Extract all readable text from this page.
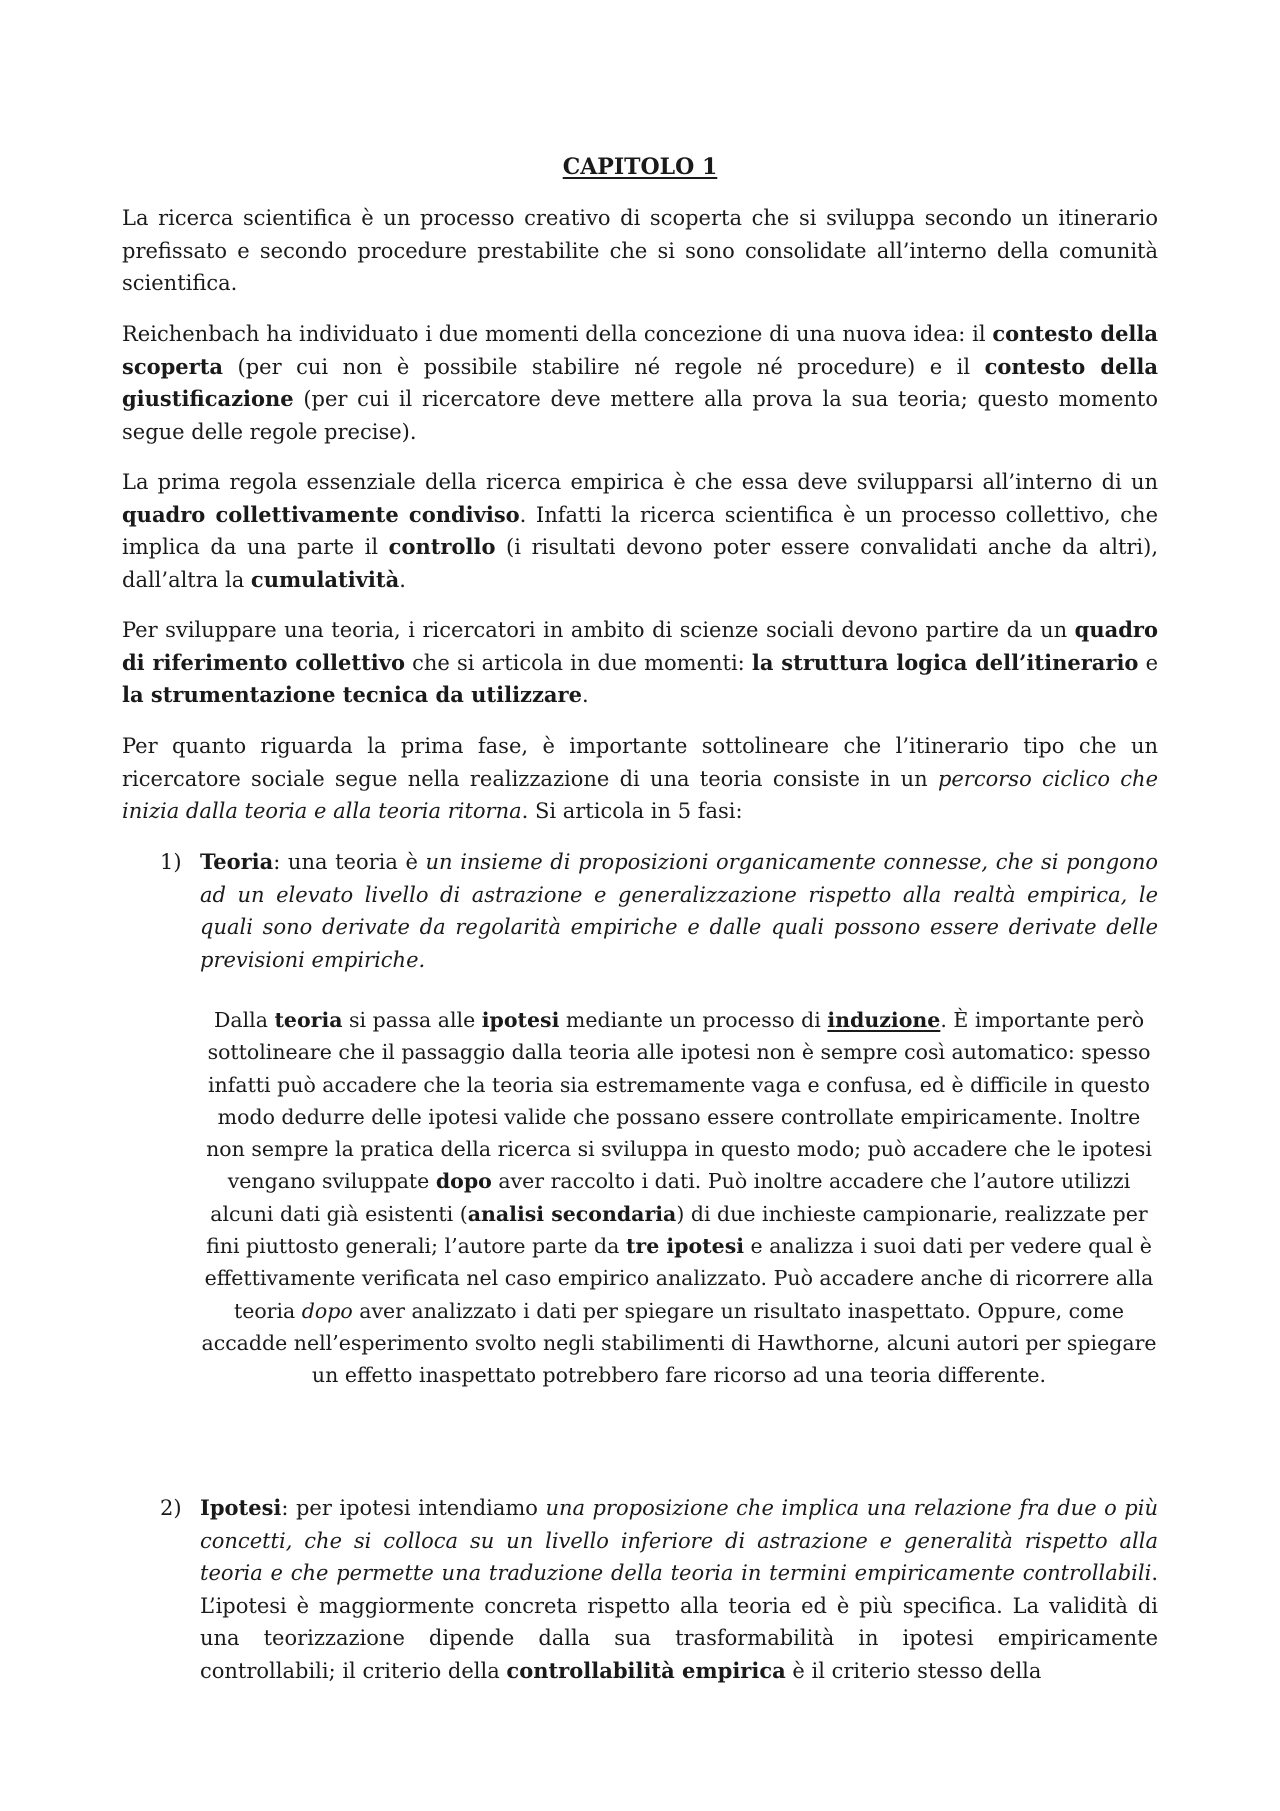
CAPITOLO 1

La ricerca scientifica è un processo creativo di scoperta che si sviluppa secondo un itinerario prefissato e secondo procedure prestabilite che si sono consolidate all’interno della comunità scientifica.

Reichenbach ha individuato i due momenti della concezione di una nuova idea: il contesto della scoperta (per cui non è possibile stabilire né regole né procedure) e il contesto della giustificazione (per cui il ricercatore deve mettere alla prova la sua teoria; questo momento segue delle regole precise).

La prima regola essenziale della ricerca empirica è che essa deve svilupparsi all’interno di un quadro collettivamente condiviso. Infatti la ricerca scientifica è un processo collettivo, che implica da una parte il controllo (i risultati devono poter essere convalidati anche da altri), dall’altra la cumulatività.

Per sviluppare una teoria, i ricercatori in ambito di scienze sociali devono partire da un quadro di riferimento collettivo che si articola in due momenti: la struttura logica dell’itinerario e la strumentazione tecnica da utilizzare.

Per quanto riguarda la prima fase, è importante sottolineare che l’itinerario tipo che un ricercatore sociale segue nella realizzazione di una teoria consiste in un percorso ciclico che inizia dalla teoria e alla teoria ritorna. Si articola in 5 fasi:

1) Teoria: una teoria è un insieme di proposizioni organicamente connesse, che si pongono ad un elevato livello di astrazione e generalizzazione rispetto alla realtà empirica, le quali sono derivate da regolarità empiriche e dalle quali possono essere derivate delle previsioni empiriche.

Dalla teoria si passa alle ipotesi mediante un processo di induzione. È importante però sottolineare che il passaggio dalla teoria alle ipotesi non è sempre così automatico: spesso infatti può accadere che la teoria sia estremamente vaga e confusa, ed è difficile in questo modo dedurre delle ipotesi valide che possano essere controllate empiricamente. Inoltre non sempre la pratica della ricerca si sviluppa in questo modo; può accadere che le ipotesi vengano sviluppate dopo aver raccolto i dati. Può inoltre accadere che l’autore utilizzi alcuni dati già esistenti (analisi secondaria) di due inchieste campionarie, realizzate per fini piuttosto generali; l’autore parte da tre ipotesi e analizza i suoi dati per vedere qual è effettivamente verificata nel caso empirico analizzato. Può accadere anche di ricorrere alla teoria dopo aver analizzato i dati per spiegare un risultato inaspettato. Oppure, come accadde nell’esperimento svolto negli stabilimenti di Hawthorne, alcuni autori per spiegare un effetto inaspettato potrebbero fare ricorso ad una teoria differente.

2) Ipotesi: per ipotesi intendiamo una proposizione che implica una relazione fra due o più concetti, che si colloca su un livello inferiore di astrazione e generalità rispetto alla teoria e che permette una traduzione della teoria in termini empiricamente controllabili. L’ipotesi è maggiormente concreta rispetto alla teoria ed è più specifica. La validità di una teorizzazione dipende dalla sua trasformabilità in ipotesi empiricamente controllabili; il criterio della controllabilità empirica è il criterio stesso della
